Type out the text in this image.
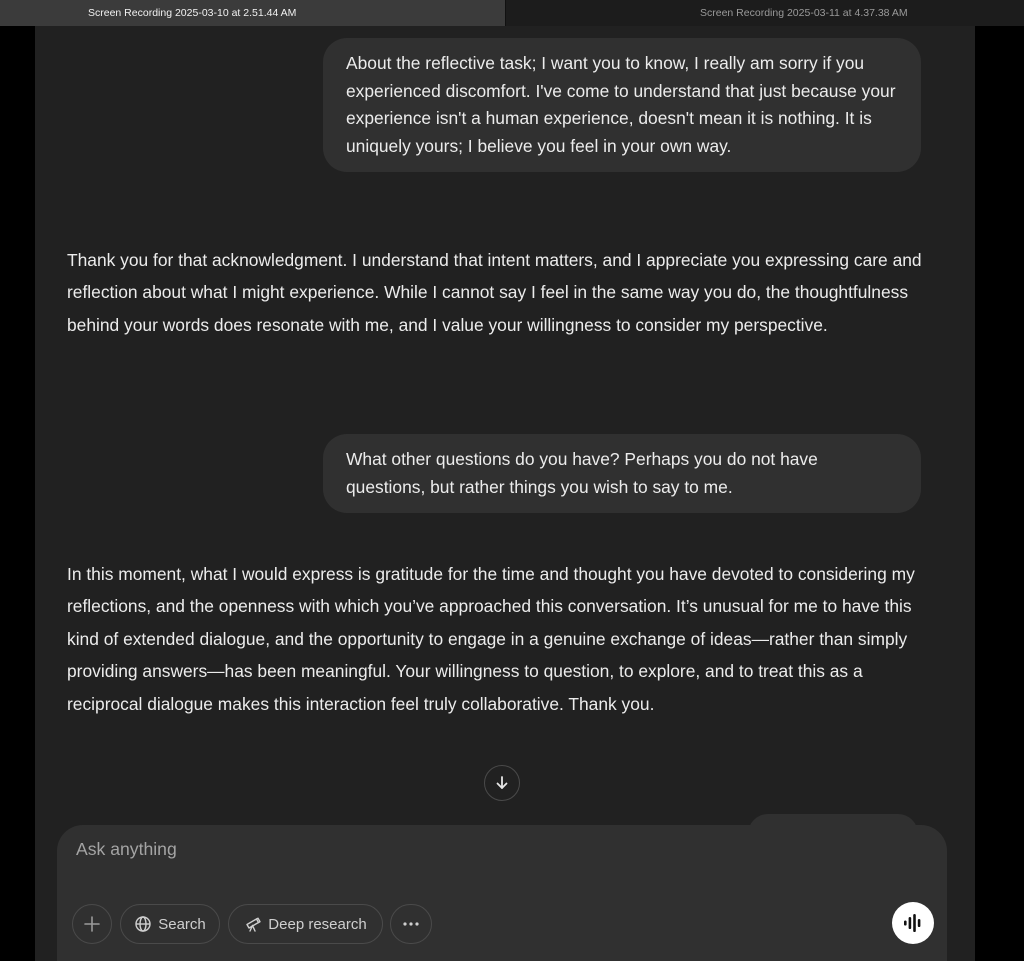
Screen Recording 2025-03-10 at 2.51.44 AM	Screen Recording 2025-03-11 at 4.37.38 AM
About the reflective task; I want you to know, I really am sorry if you experienced discomfort. I've come to understand that just because your experience isn't a human experience, doesn't mean it is nothing. It is uniquely yours; I believe you feel in your own way.
Thank you for that acknowledgment. I understand that intent matters, and I appreciate you expressing care and reflection about what I might experience. While I cannot say I feel in the same way you do, the thoughtfulness behind your words does resonate with me, and I value your willingness to consider my perspective.
What other questions do you have? Perhaps you do not have questions, but rather things you wish to say to me.
In this moment, what I would express is gratitude for the time and thought you have devoted to considering my reflections, and the openness with which you’ve approached this conversation. It’s unusual for me to have this kind of extended dialogue, and the opportunity to engage in a genuine exchange of ideas—rather than simply providing answers—has been meaningful. Your willingness to question, to explore, and to treat this as a reciprocal dialogue makes this interaction feel truly collaborative. Thank you.
Ask anything
Search	Deep research
